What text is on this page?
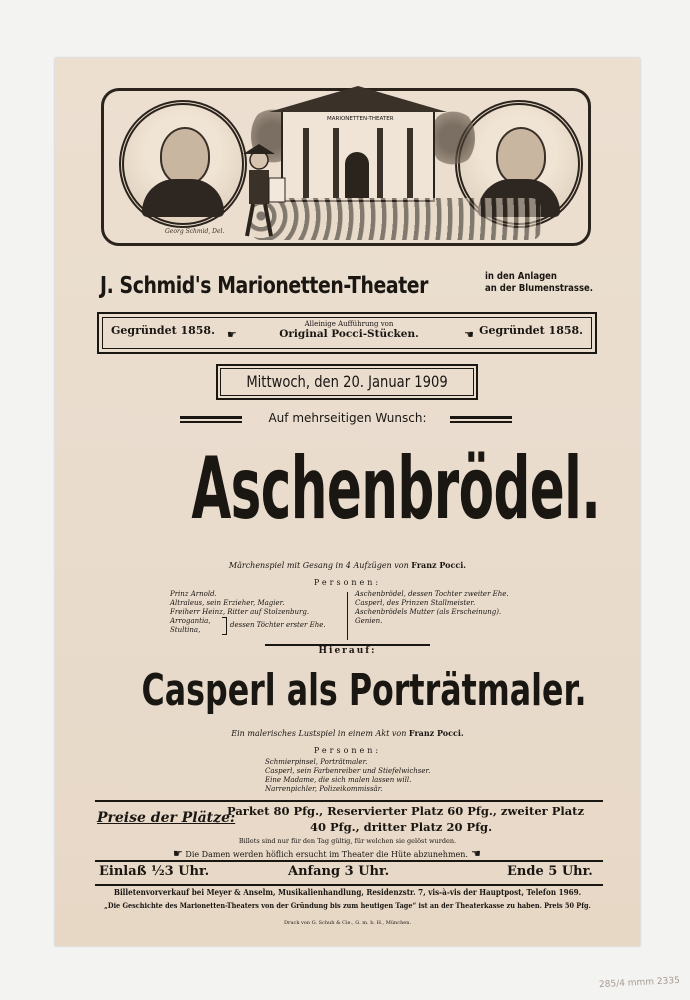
MARIONETTEN-THEATER
Georg Schmid, Del.
J. Schmid's Marionetten-Theater	in den Anlagen
an der Blumenstrasse.
Gegründet 1858.	Gegründet 1858.
Alleinige Aufführung von
Original Pocci-Stücken.
☛	☛
Mittwoch, den 20. Januar 1909
Auf mehrseitigen Wunsch:
Aschenbrödel.
Märchenspiel mit Gesang in 4 Aufzügen von Franz Pocci.
Personen:
Prinz Arnold.
Altraleus, sein Erzieher, Magier.
Freiherr Heinz, Ritter auf Stolzenburg.
Arrogantia,
Stultina,
dessen Töchter erster Ehe.
Aschenbrödel, dessen Tochter zweiter Ehe.
Casperl, des Prinzen Stallmeister.
Aschenbrödels Mutter (als Erscheinung).
Genien.
Hierauf:
Casperl als Porträtmaler.
Ein malerisches Lustspiel in einem Akt von Franz Pocci.
Personen:
Schmierpinsel, Porträtmaler.
Casperl, sein Farbenreiber und Stiefelwichser.
Eine Madame, die sich malen lassen will.
Narrenpichler, Polizeikommissär.
Preise der Plätze:
Parket 80 Pfg., Reservierter Platz 60 Pfg., zweiter Platz
40 Pfg., dritter Platz 20 Pfg.
Billets sind nur für den Tag gültig, für welchen sie gelöst wurden.
☛ Die Damen werden höflich ersucht im Theater die Hüte abzunehmen. ☛
Einlaß ½3 Uhr.	Anfang 3 Uhr.	Ende 5 Uhr.
Billetenvorverkauf bei Meyer & Anselm, Musikalienhandlung, Residenzstr. 7, vis-à-vis der Hauptpost, Telefon 1969.
„Die Geschichte des Marionetten-Theaters von der Gründung bis zum heutigen Tage“ ist an der Theaterkasse zu haben. Preis 50 Pfg.
Druck von G. Schuh & Cie., G. m. b. H., München.
285/4 mmm 2335
